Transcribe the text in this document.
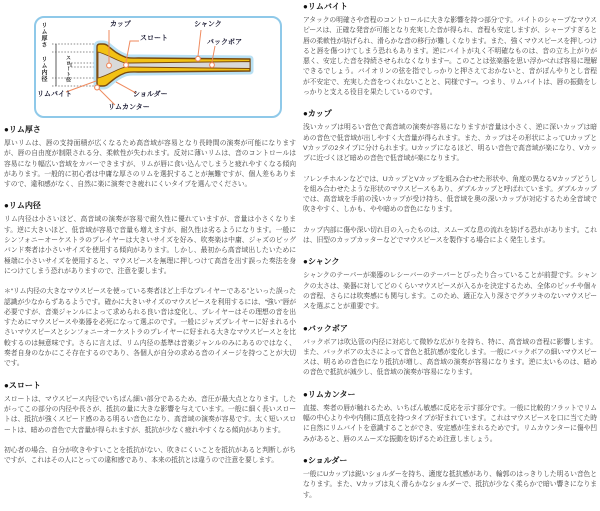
カップ	シャンク
スロート
バックボア
リムバイト
リムカンター
ショルダー
リム厚さ
リム内径	スロート径
●リム厚さ

厚いリムは、唇の支持面積が広くなるため高音域が容易となり長時間の演奏が可能になりますが、唇の自由度が制限される分、柔軟性が失われます。反対に薄いリムは、音のコントロールは容易になり幅広い音域をカバーできますが、リムが唇に食い込んでしまうと疲れやすくなる傾向があります。一般的に初心者は中庸な厚さのリムを選択することが無難ですが、個人差もありますので、違和感がなく、自然に楽に演奏でき疲れにくいタイプを選んでください。

●リム内径

リム内径は小さいほど、高音域の演奏が容易で耐久性に優れていますが、音量は小さくなります。逆に大きいほど、低音域が容易で音量も増えますが、耐久性は劣るようになります。一般にシンフォニーオーケストラのプレイヤーは大きいサイズを好み、吹奏楽は中庸、ジャズのビッグバンド奏者は小さいサイズを使用する傾向があります。しかし、最初から高音域出したいために極端に小さいサイズを使用すると、マウスピースを無理に押しつけて高音を出す誤った奏法を身につけてしまう恐れがありますので、注意を要します。

＊“リム内径の大きなマウスピースを使っている奏者ほど上手なプレイヤーである”といった誤った認識が少なからずあるようです。確かに大きいサイズのマウスピースを利用するには、“強い”唇が必要ですが、音楽ジャンルによって求められる良い音は変化し、プレイヤーはその理想の音を出すためにマウスピースや楽器を必死になって選ぶのです。一般にジャズプレイヤーに好まれる小さいマウスピースとシンフォニーオーケストラのプレイヤーに好まれる大きなマウスピースとを比較するのは無意味です。さらに言えば、リム内径の基準は音楽ジャンルのみにあるのではなく、奏者自身のなかにこそ存在するのであり、各個人が自分の求める音のイメージを持つことが大切です。

●スロート

スロートは、マウスピース内径でいちばん細い部分であるため、音圧が最大点となります。したがってこの部分の内径や長さが、抵抗の量に大きな影響を与えています。一般に細く長いスロートは、抵抗が強くスピード感のある明るい音色になり、高音域の演奏が容易です。太く短いスロートは、暗めの音色で大音量が得られますが、抵抗が少なく疲れやすくなる傾向があります。

初心者の場合、自分が吹きやすいことを抵抗がない、吹きにくいことを抵抗があると判断しがちですが、これはその人にとっての違和感であり、本来の抵抗とは違うので注意を要します。

●リムバイト

アタックの明確さや音程のコントロールに大きな影響を持つ部分です。バイトのシャープなマウスピースは、正確な発音が可能となり充実した音が得られ、音程も安定しますが、シャープすぎると唇の柔軟性が妨げられ、滑らかな音の移行が難しくなります。また、強くマウスピースを押しつけると唇を傷つけてしまう恐れもあります。逆にバイトが丸く不明確なものは、音の立ち上がりが悪く、安定した音を持続させられなくなります─。このことは弦楽器を思い浮かべれば容易に理解できるでしょう。バイオリンの弦を指でしっかりと押さえておかないと、音がぼんやりとし音程が不安定で、充実した音をつくれないことと、同様です─。つまり、リムバイトは、唇の振動をしっかりと支える役目を果たしているのです。

●カップ

浅いカップは明るい音色で高音域の演奏が容易になりますが音量は小さく、逆に深いカップは暗めの音色で低音域が出しやすく大音量が得られます。また、カップはその形状によってUカップとVカップの2タイプに分けられます。Uカップになるほど、明るい音色で高音域が楽になり、Vカップに近づくほど暗めの音色で低音域が楽になります。

フレンチホルンなどでは、UカップとVカップを組み合わせた形状や、角度の異なるVカップどうしを組み合わせたような形状のマウスピースもあり、ダブルカップと呼ばれています。ダブルカップでは、高音域を手前の浅いカップが受け持ち、低音域を奥の深いカップが対応するため全音域で吹きやすく、しかも、やや暗めの音色になります。

カップ内部に傷や深い切れ目の入ったものは、スムーズな息の流れを妨げる恐れがあります。これは、旧型のカップカッターなどでマウスピースを製作する場合によく発生します。

●シャンク

シャンクのテーパーが楽器のレシーバーのテーパーとぴったり合っていることが前提です。シャンクの太さは、楽器に対してどのくらいマウスピースが入るかを決定するため、全体のピッチや個々の音程、さらには吹奏感にも関与します。このため、適正な入り深さでグラツキのないマウスピースを選ぶことが重要です。

●バックボア

バックボアは吹込管の内径に対応して微妙な広がりを持ち、特に、高音域の音程に影響します。また、バックボアの太さによって音色と抵抗感が変化します。一般にバックボアの細いマウスピースは、明るめの音色になり抵抗が増し、高音域の演奏が容易になります。逆に太いものは、暗めの音色で抵抗が減少し、低音域の演奏が容易になります。

●リムカンター

直接、奏者の唇が触れるため、いちばん敏感に反応を示す部分です。一般に比較的フラットでリム幅の中心よりやや内側に頂点を持つタイプが好まれています。これはマウスピースを口に当てた時に自然にリムバイトを意識することができ、安定感が生まれるためです。リムカウンターに傷や凹みがあると、唇のスムーズな振動を妨げるため注意しましょう。

●ショルダー

一般にUカップは鋭いショルダーを持ち、適度な抵抗感があり、輪郭のはっきりした明るい音色となります。また、Vカップは丸く滑らかなショルダーで、抵抗が少なく柔らかで暗い響きになります。
